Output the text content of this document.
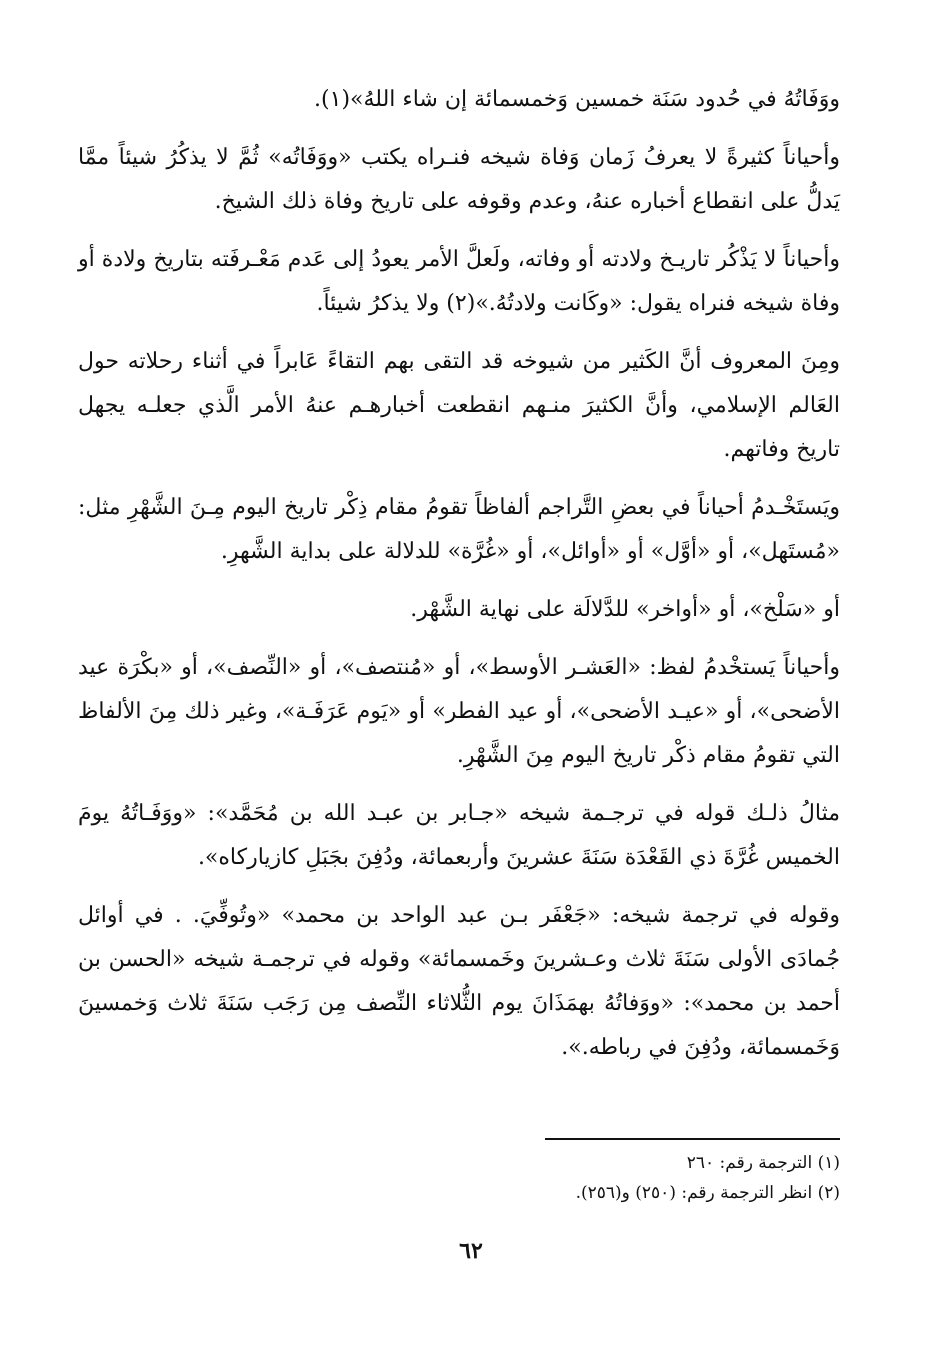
ووَفَاتُهُ في حُدود سَنَة خمسين وَخمسمائة إن شاء اللهُ»(١).

وأحياناً كثيرةً لا يعرفُ زَمان وَفاة شيخه فنـراه يكتب «ووَفَاتُه» ثُمَّ لا يذكُرُ شيئاً ممَّا يَدلُّ على انقطاع أخباره عنهُ، وعدم وقوفه على تاريخ وفاة ذلك الشيخ.

وأحياناً لا يَذْكُر تاريـخ ولادته أو وفاته، ولَعلَّ الأمر يعودُ إلى عَدم مَعْـرفَته بتاريخ ولادة أو وفاة شيخه فنراه يقول: «وكَانت ولادتُهُ.»(٢) ولا يذكرُ شيئاً.

ومِنَ المعروف أنَّ الكَثير من شيوخه قد التقى بهم التقاءً عَابراً في أثناء رحلاته حول العَالم الإسلامي، وأنَّ الكثيرَ منـهم انقطعت أخبارهـم عنهُ الأمر الَّذي جعلـه يجهل تاريخ وفاتهم.

ويَستَخْـدمُ أحياناً في بعضِ التَّراجم ألفاظاً تقومُ مقام ذِكْر تاريخ اليوم مِـنَ الشَّهْرِ مثل: «مُستَهل»، أو «أوَّل» أو «أوائل»، أو «غُرَّة» للدلالة على بداية الشَّهرِ.

أو «سَلْخ»، أو «أواخر» للدَّلالَة على نهاية الشَّهْر.

وأحياناً يَستخْدمُ لفظ: «العَشـر الأوسط»، أو «مُنتصف»، أو «النِّصف»، أو «بكْرَة عيد الأضحى»، أو «عيـد الأضحى»، أو عيد الفطر» أو «يَوم عَرَفَـة»، وغير ذلك مِنَ الألفاظ التي تقومُ مقام ذكْر تاريخ اليوم مِنَ الشَّهْرِ.

مثالُ ذلـك قوله في ترجـمة شيخه «جـابر بن عبـد الله بن مُحَمَّد»: «ووَفَـاتُهُ يومَ الخميس غُرَّةَ ذي القَعْدَة سَنَةَ عشرينَ وأربعمائة، ودُفِنَ بجَبَلِ كازياركاه».

وقوله في ترجمة شيخه: «جَعْفَر بـن عبد الواحد بن محمد» «وتُوفِّيَ. . في أوائل جُمادَى الأولى سَنَةَ ثلاث وعـشرينَ وخَمسمائة» وقوله في ترجمـة شيخه «الحسن بن أحمد بن محمد»: «ووَفاتُهُ بهمَذَانَ يوم الثُّلاثاء النِّصف مِن رَجَب سَنَةَ ثلاث وَخمسينَ وَخَمسمائة، ودُفِنَ في رباطه.».

(١) الترجمة رقم: ٢٦٠

(٢) انظر الترجمة رقم: (٢٥٠) و(٢٥٦).

٦٢
